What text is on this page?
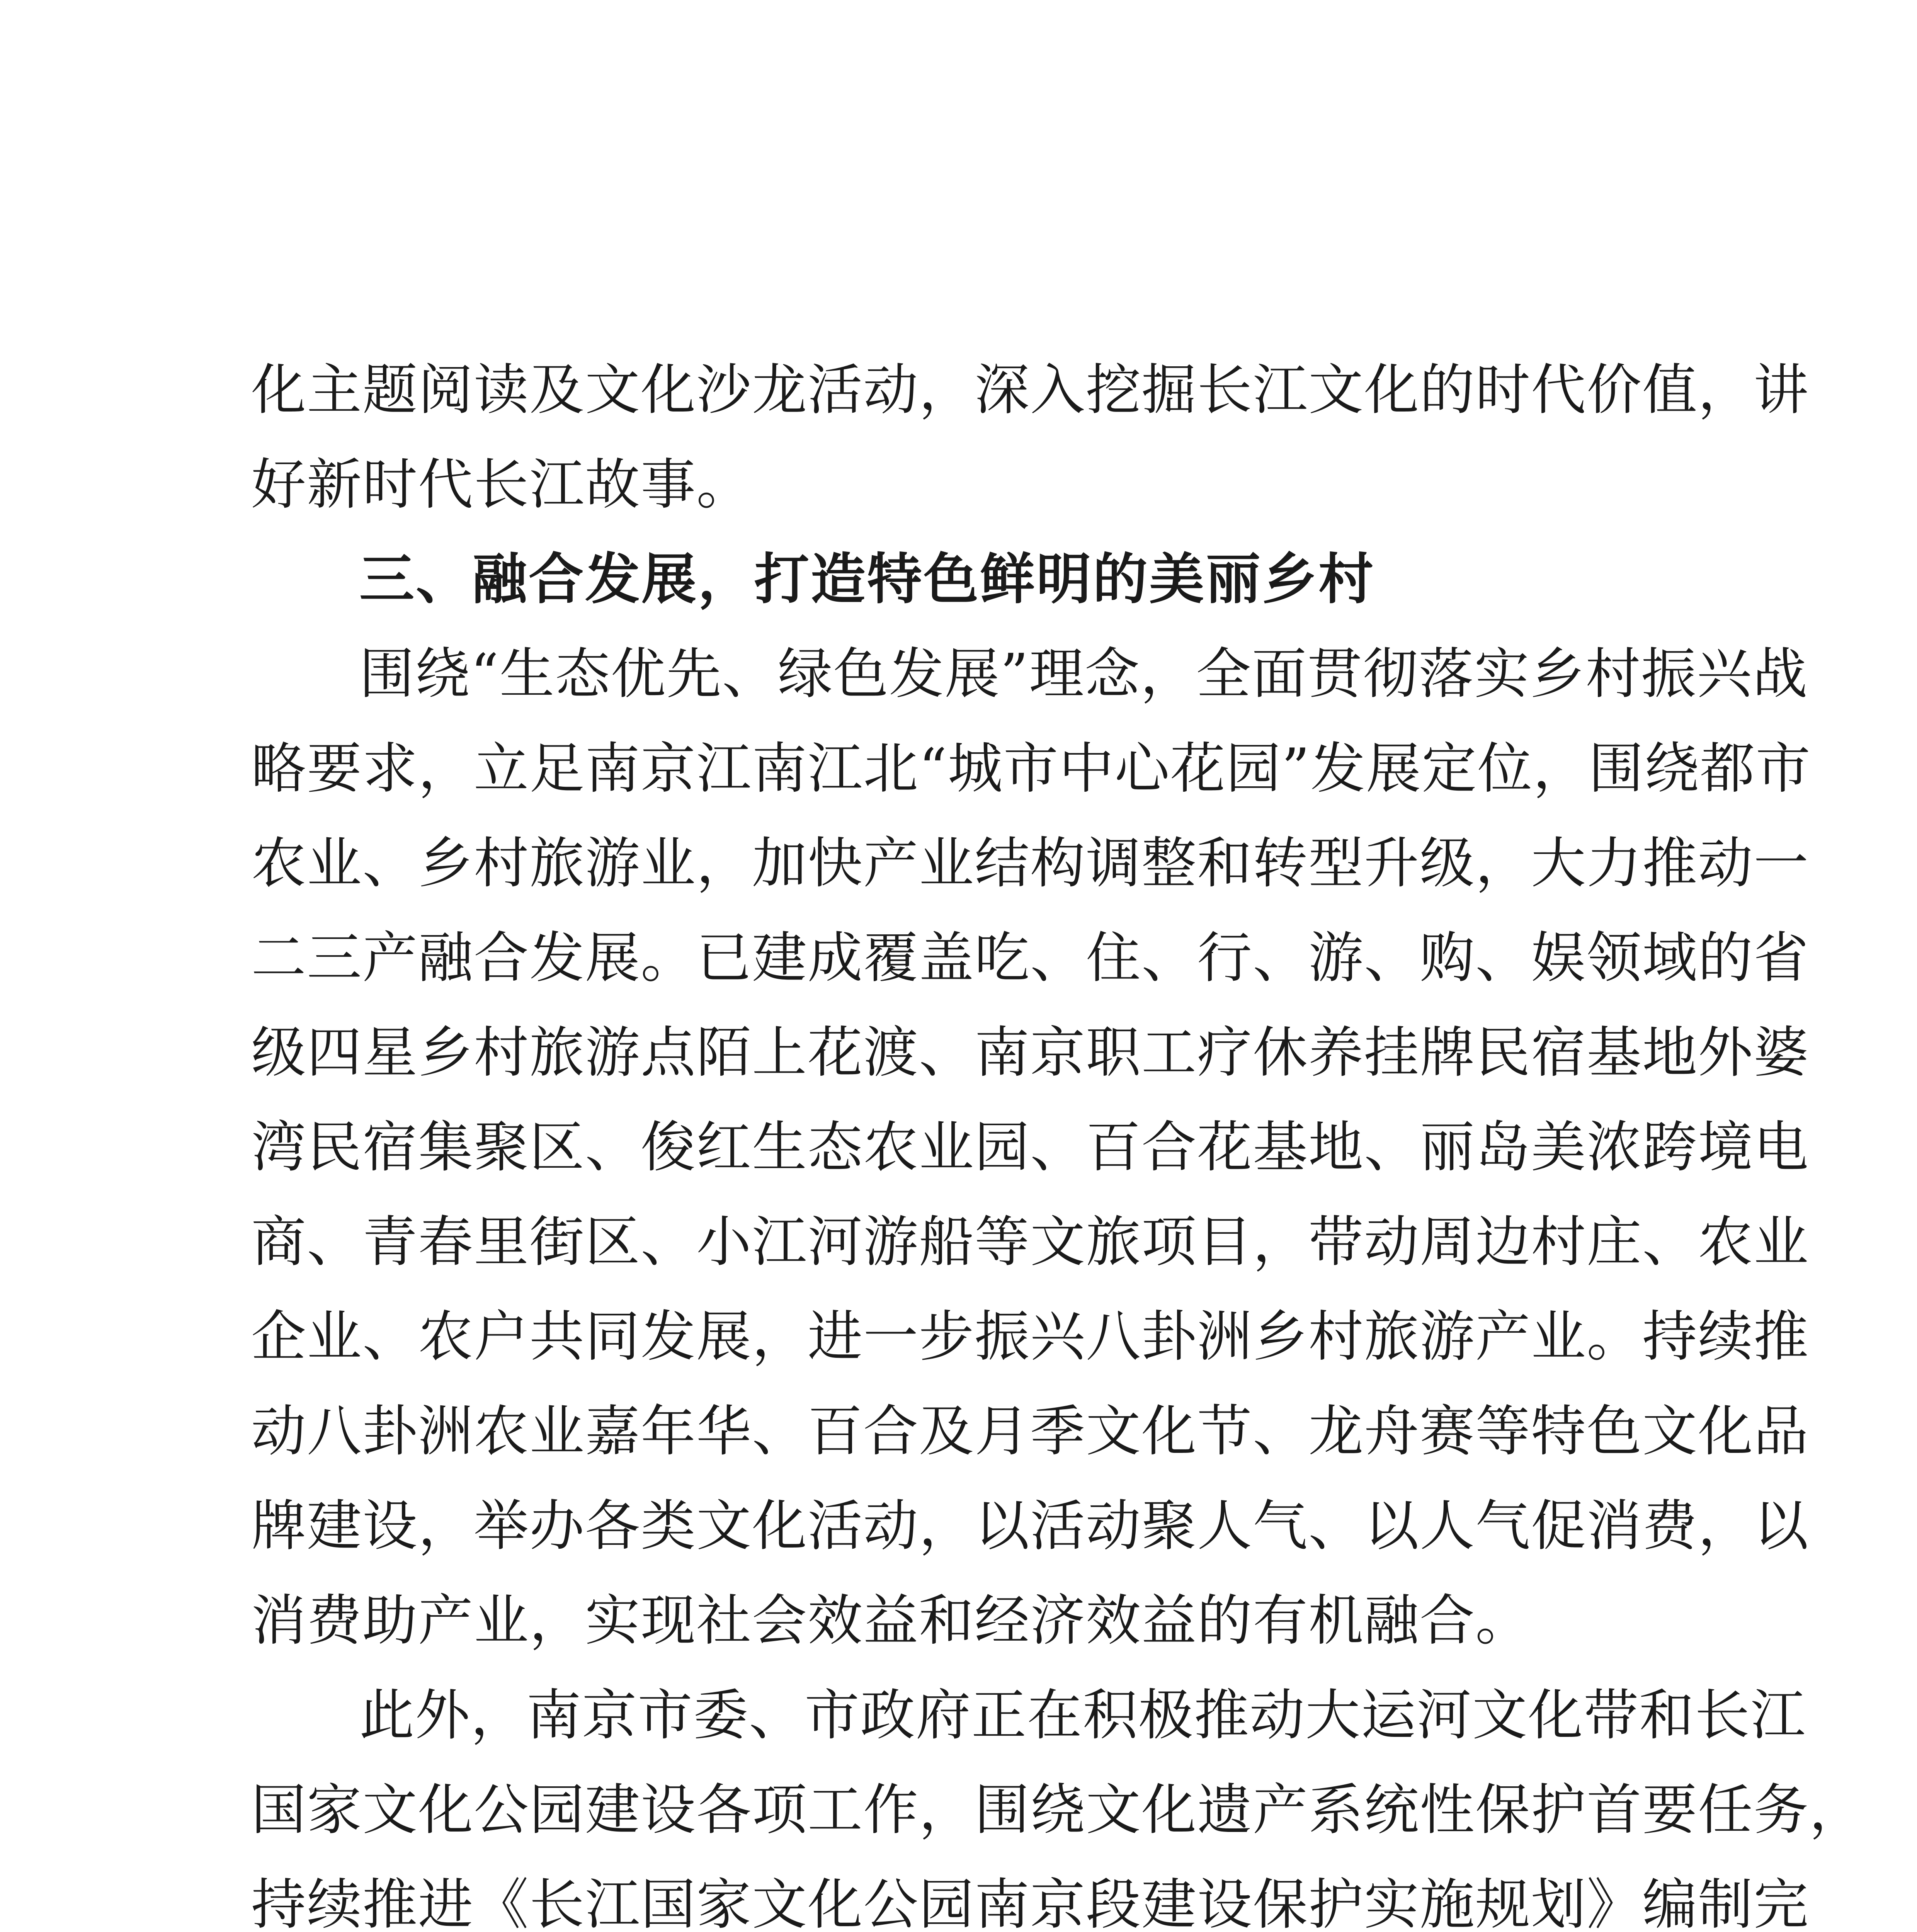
化主题阅读及文化沙龙活动，深入挖掘长江文化的时代价值，讲
好新时代长江故事。
三、融合发展，打造特色鲜明的美丽乡村
围绕“生态优先、绿色发展”理念，全面贯彻落实乡村振兴战
略要求，立足南京江南江北“城市中心花园”发展定位，围绕都市
农业、乡村旅游业，加快产业结构调整和转型升级，大力推动一
二三产融合发展。已建成覆盖吃、住、行、游、购、娱领域的省
级四星乡村旅游点陌上花渡、南京职工疗休养挂牌民宿基地外婆
湾民宿集聚区、俊红生态农业园、百合花基地、丽岛美浓跨境电
商、青春里街区、小江河游船等文旅项目，带动周边村庄、农业
企业、农户共同发展，进一步振兴八卦洲乡村旅游产业。持续推
动八卦洲农业嘉年华、百合及月季文化节、龙舟赛等特色文化品
牌建设，举办各类文化活动，以活动聚人气、以人气促消费，以
消费助产业，实现社会效益和经济效益的有机融合。
此外，南京市委、市政府正在积极推动大运河文化带和长江
国家文化公园建设各项工作，围绕文化遗产系统性保护首要任务，
持续推进《长江国家文化公园南京段建设保护实施规划》编制完
